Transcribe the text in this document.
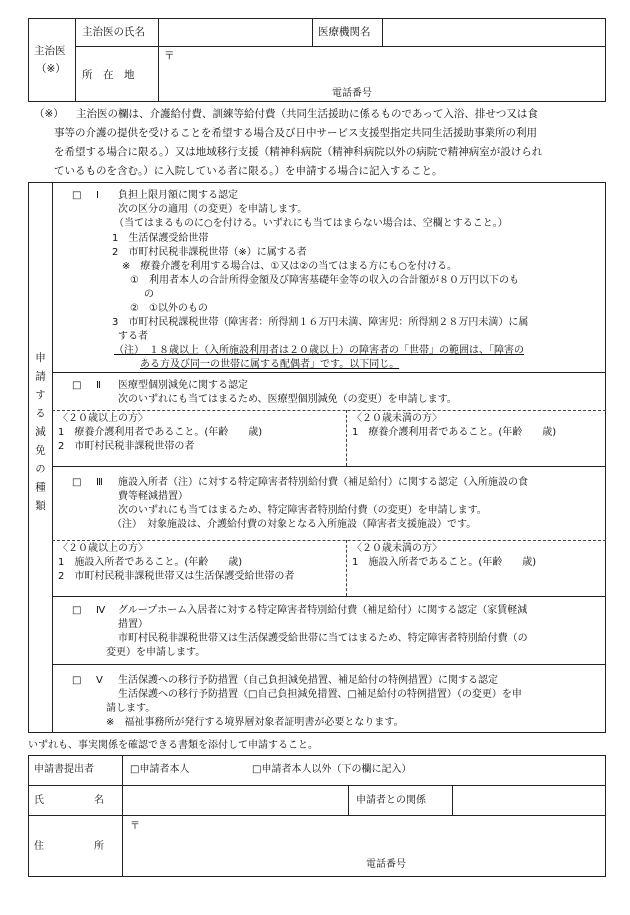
主治医
（※）
主治医の氏名	医療機関名
所　在　地
〒
電話番号
（※） 主治医の欄は、介護給付費、訓練等給付費（共同生活援助に係るものであって入浴、排せつ又は食
事等の介護の提供を受けることを希望する場合及び日中サービス支援型指定共同生活援助事業所の利用
を希望する場合に限る。）又は地域移行支援（精神科病院（精神科病院以外の病院で精神病室が設けられ
ているものを含む。）に入院している者に限る。）を申請する場合に記入すること。
申請する減免の種類
□ Ⅰ 負担上限月額に関する認定
次の区分の適用（の変更）を申請します。
（当てはまるものに○を付ける。いずれにも当てはまらない場合は、空欄とすること。）
1　生活保護受給世帯
2　市町村民税非課税世帯（※）に属する者
※　療養介護を利用する場合は、①又は②の当てはまる方にも○を付ける。
①　利用者本人の合計所得金額及び障害基礎年金等の収入の合計額が８０万円以下のも
の
②　①以外のもの
3　市町村民税課税世帯（障害者：所得割１６万円未満、障害児：所得割２８万円未満）に属
する者
（注）　１８歳以上（入所施設利用者は２０歳以上）の障害者の「世帯」の範囲は、「障害の
ある方及び同一の世帯に属する配偶者」です。以下同じ。
□ Ⅱ 医療型個別減免に関する認定
次のいずれにも当てはまるため、医療型個別減免（の変更）を申請します。
〈２０歳以上の方〉
1　療養介護利用者であること。(年齢　　歳)
2　市町村民税非課税世帯の者
〈２０歳未満の方〉
1　療養介護利用者であること。(年齢　　歳)
□ Ⅲ 施設入所者（注）に対する特定障害者特別給付費（補足給付）に関する認定（入所施設の食
費等軽減措置）
次のいずれにも当てはまるため、特定障害者特別給付費（の変更）を申請します。
（注）　対象施設は、介護給付費の対象となる入所施設（障害者支援施設）です。
〈２０歳以上の方〉
1　施設入所者であること。(年齢　　歳)
2　市町村民税非課税世帯又は生活保護受給世帯の者
〈２０歳未満の方〉
1　施設入所者であること。(年齢　　歳)
□ Ⅳ グループホーム入居者に対する特定障害者特別給付費（補足給付）に関する認定（家賃軽減
措置）
市町村民税非課税世帯又は生活保護受給世帯に当てはまるため、特定障害者特別給付費（の
変更）を申請します。
□ Ⅴ 生活保護への移行予防措置（自己負担減免措置、補足給付の特例措置）に関する認定
生活保護への移行予防措置（□自己負担減免措置、□補足給付の特例措置）（の変更）を申
請します。
※　福祉事務所が発行する境界層対象者証明書が必要となります。
いずれも、事実関係を確認できる書類を添付して申請すること。
申請書提出者	□申請者本人	□申請者本人以外（下の欄に記入）
氏　　　　　名	申請者との関係
住　　　　　所
〒
電話番号
